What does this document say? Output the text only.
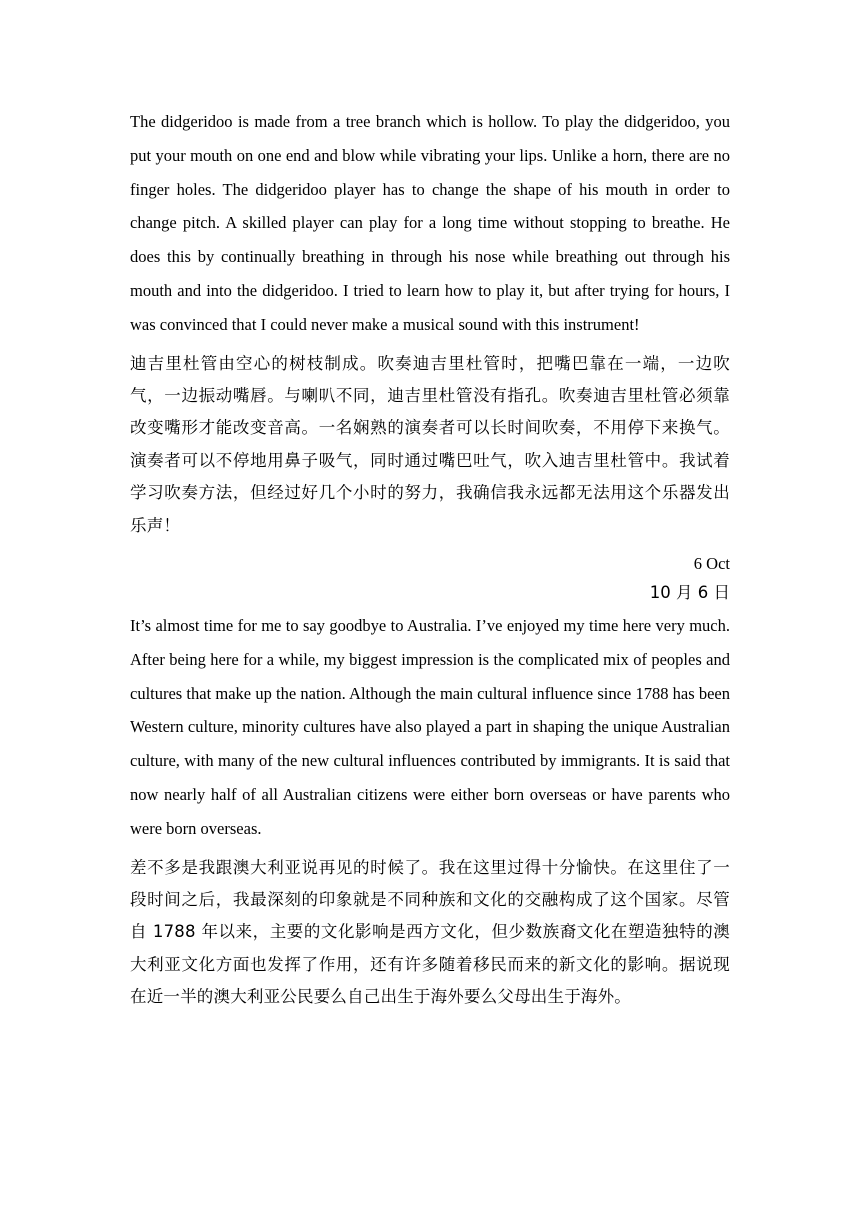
The didgeridoo is made from a tree branch which is hollow. To play the didgeridoo, you put your mouth on one end and blow while vibrating your lips. Unlike a horn, there are no finger holes. The didgeridoo player has to change the shape of his mouth in order to change pitch. A skilled player can play for a long time without stopping to breathe. He does this by continually breathing in through his nose while breathing out through his mouth and into the didgeridoo. I tried to learn how to play it, but after trying for hours, I was convinced that I could never make a musical sound with this instrument!

迪吉里杜管由空心的树枝制成。吹奏迪吉里杜管时，把嘴巴靠在一端，一边吹气，一边振动嘴唇。与喇叭不同，迪吉里杜管没有指孔。吹奏迪吉里杜管必须靠改变嘴形才能改变音高。一名娴熟的演奏者可以长时间吹奏，不用停下来换气。演奏者可以不停地用鼻子吸气，同时通过嘴巴吐气，吹入迪吉里杜管中。我试着学习吹奏方法，但经过好几个小时的努力，我确信我永远都无法用这个乐器发出乐声！

6 Oct

10 月 6 日

It’s almost time for me to say goodbye to Australia. I’ve enjoyed my time here very much. After being here for a while, my biggest impression is the complicated mix of peoples and cultures that make up the nation. Although the main cultural influence since 1788 has been Western culture, minority cultures have also played a part in shaping the unique Australian culture, with many of the new cultural influences contributed by immigrants. It is said that now nearly half of all Australian citizens were either born overseas or have parents who were born overseas.

差不多是我跟澳大利亚说再见的时候了。我在这里过得十分愉快。在这里住了一段时间之后，我最深刻的印象就是不同种族和文化的交融构成了这个国家。尽管自 1788 年以来，主要的文化影响是西方文化，但少数族裔文化在塑造独特的澳大利亚文化方面也发挥了作用，还有许多随着移民而来的新文化的影响。据说现在近一半的澳大利亚公民要么自己出生于海外要么父母出生于海外。
